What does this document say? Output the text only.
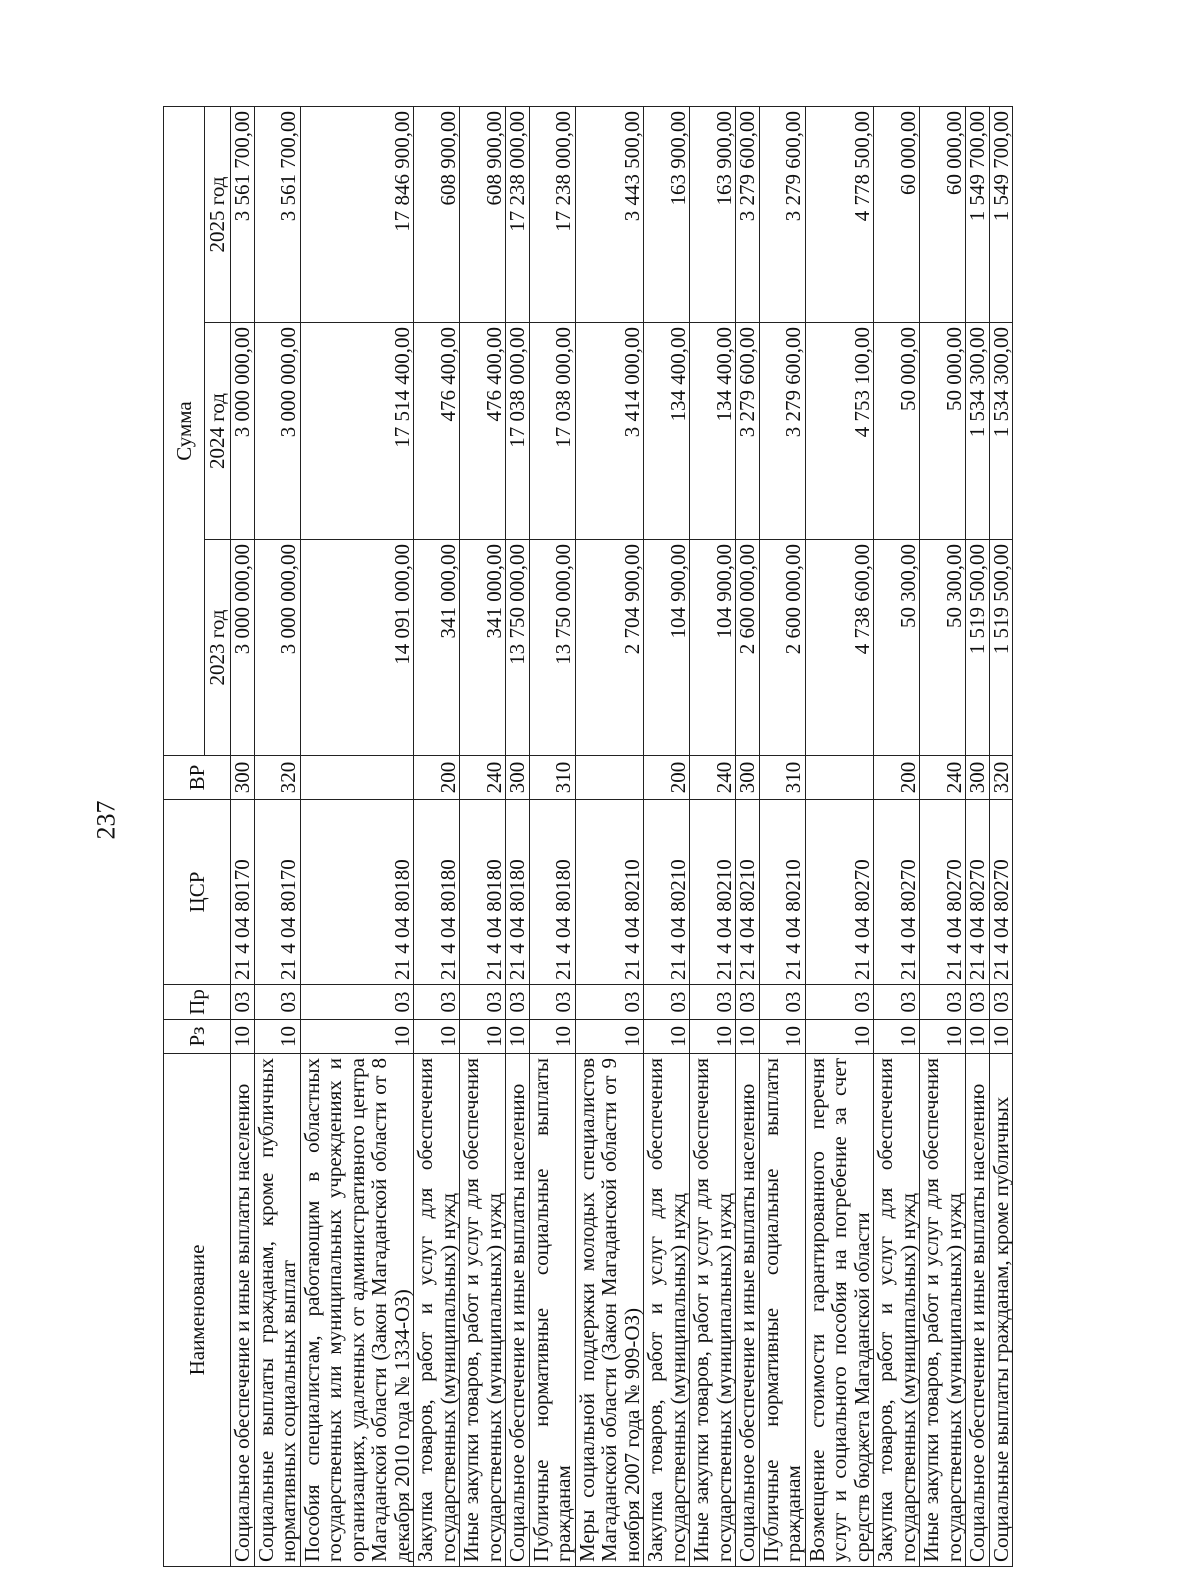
237
Наименование	Рз	Пр	ЦСР	ВР	Сумма		
					2023 год	2024 год	2025 год
Социальное обеспечение и иные выплаты населению	10	03	21 4 04 80170	300	3 000 000,00	3 000 000,00	3 561 700,00
Социальные выплаты гражданам, кроме публичных нормативных социальных выплат	10	03	21 4 04 80170	320	3 000 000,00	3 000 000,00	3 561 700,00
Пособия специалистам, работающим в областных государственных или муниципальных учреждениях и организациях, удаленных от административного центра Магаданской области (Закон Магаданской области от 8 декабря 2010 года № 1334-ОЗ)	10	03	21 4 04 80180		14 091 000,00	17 514 400,00	17 846 900,00
Закупка товаров, работ и услуг для обеспечения государственных (муниципальных) нужд	10	03	21 4 04 80180	200	341 000,00	476 400,00	608 900,00
Иные закупки товаров, работ и услуг для обеспечения государственных (муниципальных) нужд	10	03	21 4 04 80180	240	341 000,00	476 400,00	608 900,00
Социальное обеспечение и иные выплаты населению	10	03	21 4 04 80180	300	13 750 000,00	17 038 000,00	17 238 000,00
Публичные нормативные социальные выплаты гражданам	10	03	21 4 04 80180	310	13 750 000,00	17 038 000,00	17 238 000,00
Меры социальной поддержки молодых специалистов Магаданской области (Закон Магаданской области от 9 ноября 2007 года № 909-ОЗ)	10	03	21 4 04 80210		2 704 900,00	3 414 000,00	3 443 500,00
Закупка товаров, работ и услуг для обеспечения государственных (муниципальных) нужд	10	03	21 4 04 80210	200	104 900,00	134 400,00	163 900,00
Иные закупки товаров, работ и услуг для обеспечения государственных (муниципальных) нужд	10	03	21 4 04 80210	240	104 900,00	134 400,00	163 900,00
Социальное обеспечение и иные выплаты населению	10	03	21 4 04 80210	300	2 600 000,00	3 279 600,00	3 279 600,00
Публичные нормативные социальные выплаты гражданам	10	03	21 4 04 80210	310	2 600 000,00	3 279 600,00	3 279 600,00
Возмещение стоимости гарантированного перечня услуг и социального пособия на погребение за счет средств бюджета Магаданской области	10	03	21 4 04 80270		4 738 600,00	4 753 100,00	4 778 500,00
Закупка товаров, работ и услуг для обеспечения государственных (муниципальных) нужд	10	03	21 4 04 80270	200	50 300,00	50 000,00	60 000,00
Иные закупки товаров, работ и услуг для обеспечения государственных (муниципальных) нужд	10	03	21 4 04 80270	240	50 300,00	50 000,00	60 000,00
Социальное обеспечение и иные выплаты населению	10	03	21 4 04 80270	300	1 519 500,00	1 534 300,00	1 549 700,00
Социальные выплаты гражданам, кроме публичных	10	03	21 4 04 80270	320	1 519 500,00	1 534 300,00	1 549 700,00
